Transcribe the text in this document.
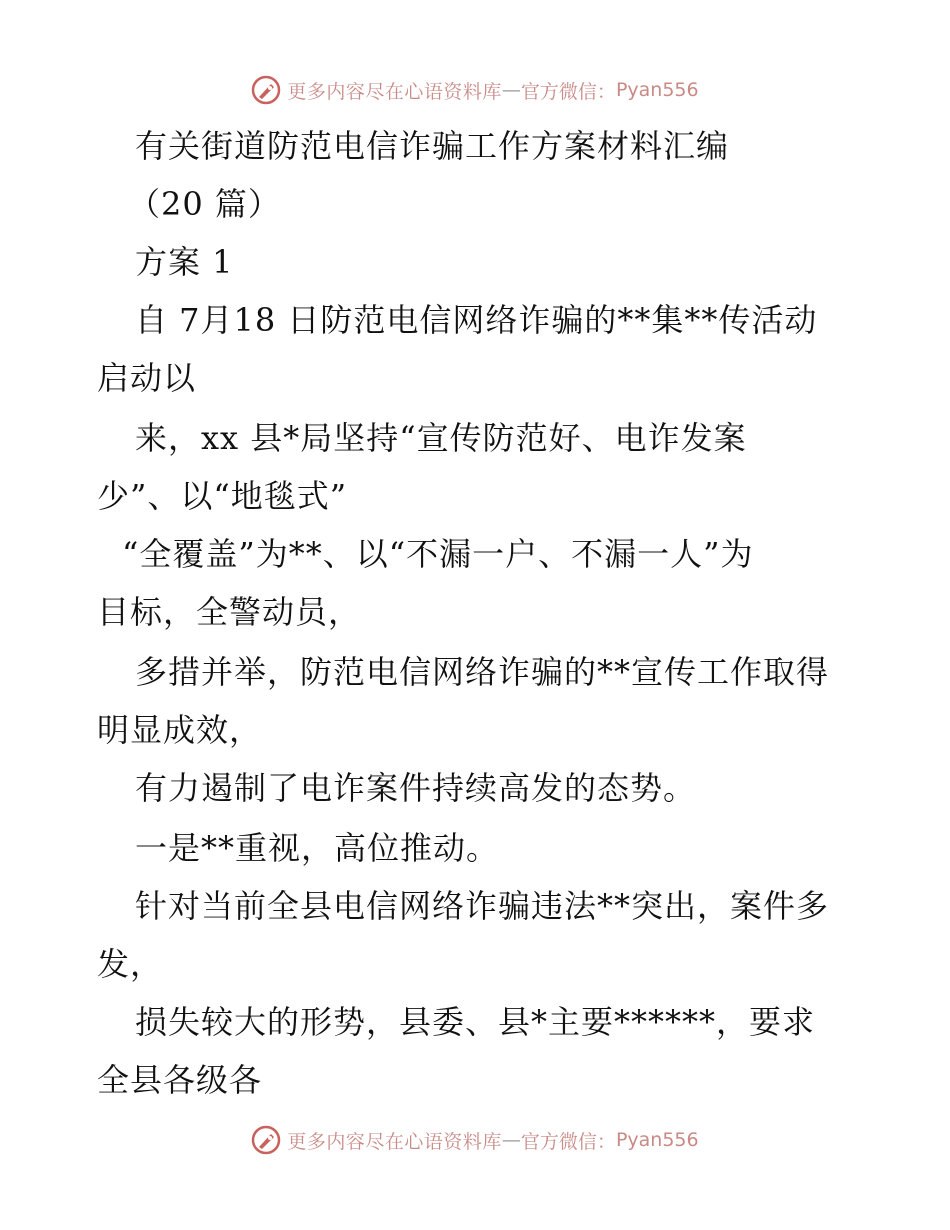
更多内容尽在心语资料库 — 官方微信： Pyan556
有关街道防范电信诈骗工作方案材料汇编
（20 篇）
方案 1
自 7月18 日防范电信网络诈骗的**集**传活动
启动以
来，xx 县*局坚持“宣传防范好、电诈发案
少”、以“地毯式”
“全覆盖”为**、以“不漏一户、不漏一人”为
目标，全警动员，
多措并举，防范电信网络诈骗的**宣传工作取得
明显成效，
有力遏制了电诈案件持续高发的态势。
一是**重视，高位推动。
针对当前全县电信网络诈骗违法**突出，案件多
发，
损失较大的形势，县委、县*主要******，要求
全县各级各
更多内容尽在心语资料库 — 官方微信： Pyan556
